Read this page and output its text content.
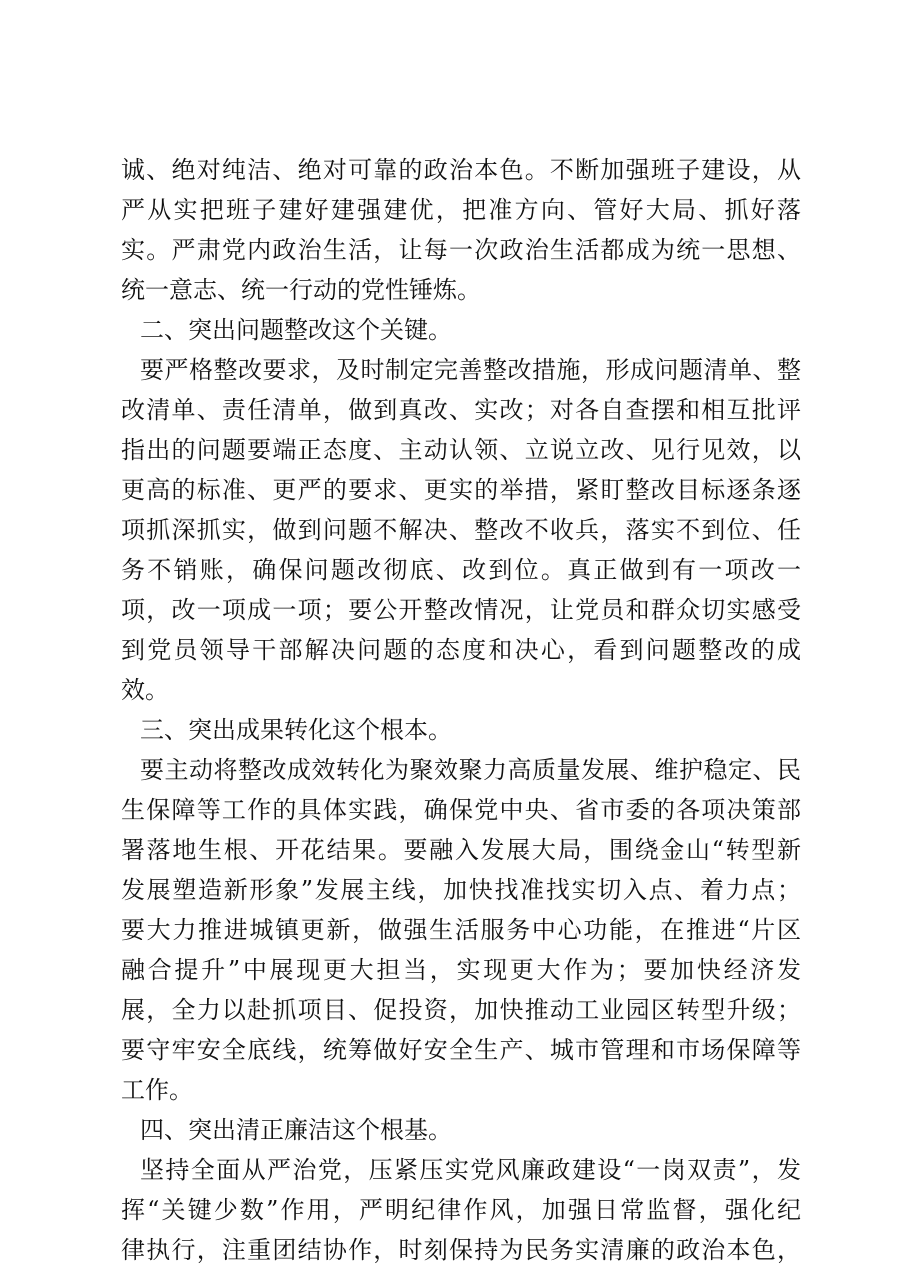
诚、绝对纯洁、绝对可靠的政治本色。不断加强班子建设，从
严从实把班子建好建强建优，把准方向、管好大局、抓好落
实。严肃党内政治生活，让每一次政治生活都成为统一思想、
统一意志、统一行动的党性锤炼。
二、突出问题整改这个关键。
要严格整改要求，及时制定完善整改措施，形成问题清单、整
改清单、责任清单，做到真改、实改；对各自查摆和相互批评
指出的问题要端正态度、主动认领、立说立改、见行见效，以
更高的标准、更严的要求、更实的举措，紧盯整改目标逐条逐
项抓深抓实，做到问题不解决、整改不收兵，落实不到位、任
务不销账，确保问题改彻底、改到位。真正做到有一项改一
项，改一项成一项；要公开整改情况，让党员和群众切实感受
到党员领导干部解决问题的态度和决心，看到问题整改的成
效。
三、突出成果转化这个根本。
要主动将整改成效转化为聚效聚力高质量发展、维护稳定、民
生保障等工作的具体实践，确保党中央、省市委的各项决策部
署落地生根、开花结果。要融入发展大局，围绕金山“转型新
发展塑造新形象”发展主线，加快找准找实切入点、着力点；
要大力推进城镇更新，做强生活服务中心功能，在推进“片区
融合提升”中展现更大担当，实现更大作为；要加快经济发
展，全力以赴抓项目、促投资，加快推动工业园区转型升级；
要守牢安全底线，统筹做好安全生产、城市管理和市场保障等
工作。
四、突出清正廉洁这个根基。
坚持全面从严治党，压紧压实党风廉政建设“一岗双责”，发
挥“关键少数”作用，严明纪律作风，加强日常监督，强化纪
律执行，注重团结协作，时刻保持为民务实清廉的政治本色，
